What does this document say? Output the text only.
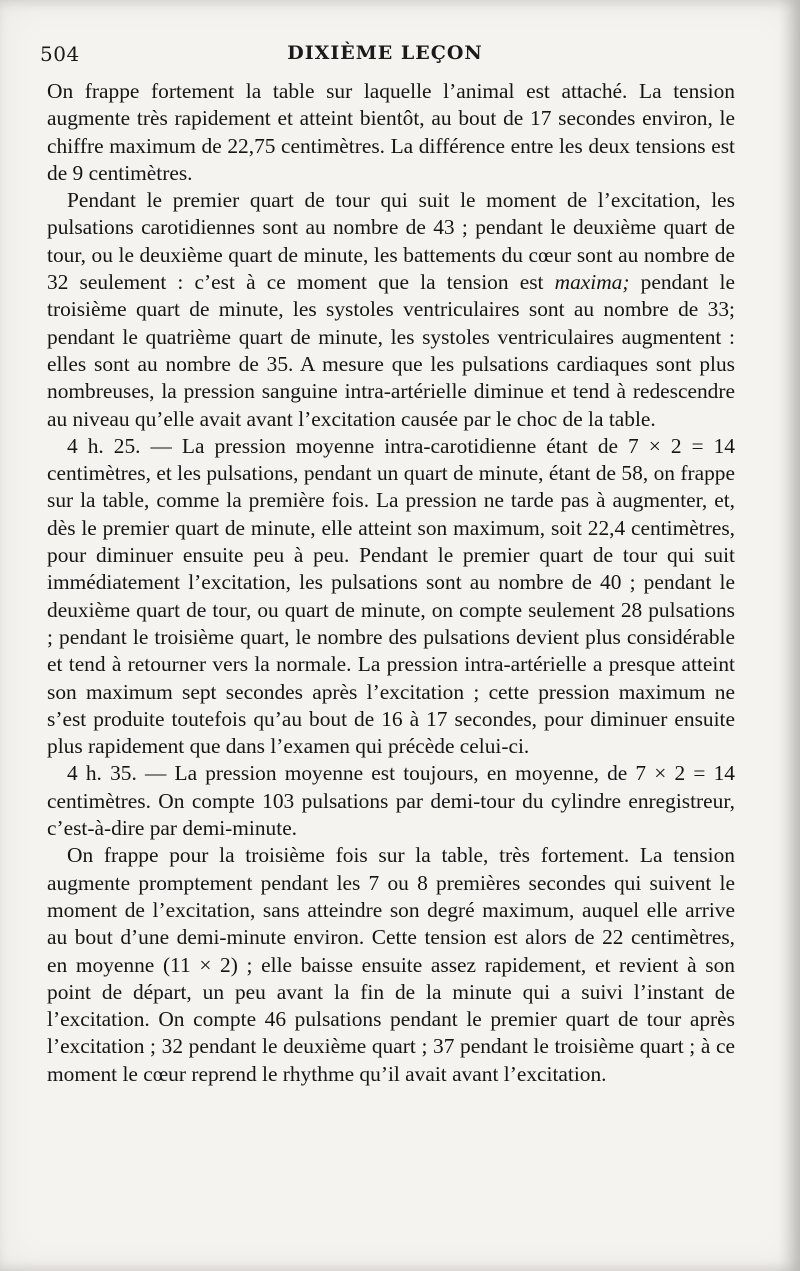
504	DIXIÈME LEÇON

On frappe fortement la table sur laquelle l’animal est attaché. La tension augmente très rapidement et atteint bientôt, au bout de 17 secondes environ, le chiffre maximum de 22,75 centimètres. La différence entre les deux tensions est de 9 centimètres.

Pendant le premier quart de tour qui suit le moment de l’excitation, les pulsations carotidiennes sont au nombre de 43 ; pendant le deuxième quart de tour, ou le deuxième quart de minute, les battements du cœur sont au nombre de 32 seulement : c’est à ce moment que la tension est maxima; pendant le troisième quart de minute, les systoles ventriculaires sont au nombre de 33; pendant le quatrième quart de minute, les systoles ventriculaires augmentent : elles sont au nombre de 35. A mesure que les pulsations cardiaques sont plus nombreuses, la pression sanguine intra-artérielle diminue et tend à redescendre au niveau qu’elle avait avant l’excitation causée par le choc de la table.

4 h. 25. — La pression moyenne intra-carotidienne étant de 7 × 2 = 14 centimètres, et les pulsations, pendant un quart de minute, étant de 58, on frappe sur la table, comme la première fois. La pression ne tarde pas à augmenter, et, dès le premier quart de minute, elle atteint son maximum, soit 22,4 centimètres, pour diminuer ensuite peu à peu. Pendant le premier quart de tour qui suit immédiatement l’excitation, les pulsations sont au nombre de 40 ; pendant le deuxième quart de tour, ou quart de minute, on compte seulement 28 pulsations ; pendant le troisième quart, le nombre des pulsations devient plus considérable et tend à retourner vers la normale. La pression intra-artérielle a presque atteint son maximum sept secondes après l’excitation ; cette pression maximum ne s’est produite toutefois qu’au bout de 16 à 17 secondes, pour diminuer ensuite plus rapidement que dans l’examen qui précède celui-ci.

4 h. 35. — La pression moyenne est toujours, en moyenne, de 7 × 2 = 14 centimètres. On compte 103 pulsations par demi-tour du cylindre enregistreur, c’est-à-dire par demi-minute.

On frappe pour la troisième fois sur la table, très fortement. La tension augmente promptement pendant les 7 ou 8 premières secondes qui suivent le moment de l’excitation, sans atteindre son degré maximum, auquel elle arrive au bout d’une demi-minute environ. Cette tension est alors de 22 centimètres, en moyenne (11 × 2) ; elle baisse ensuite assez rapidement, et revient à son point de départ, un peu avant la fin de la minute qui a suivi l’instant de l’excitation. On compte 46 pulsations pendant le premier quart de tour après l’excitation ; 32 pendant le deuxième quart ; 37 pendant le troisième quart ; à ce moment le cœur reprend le rhythme qu’il avait avant l’excitation.
